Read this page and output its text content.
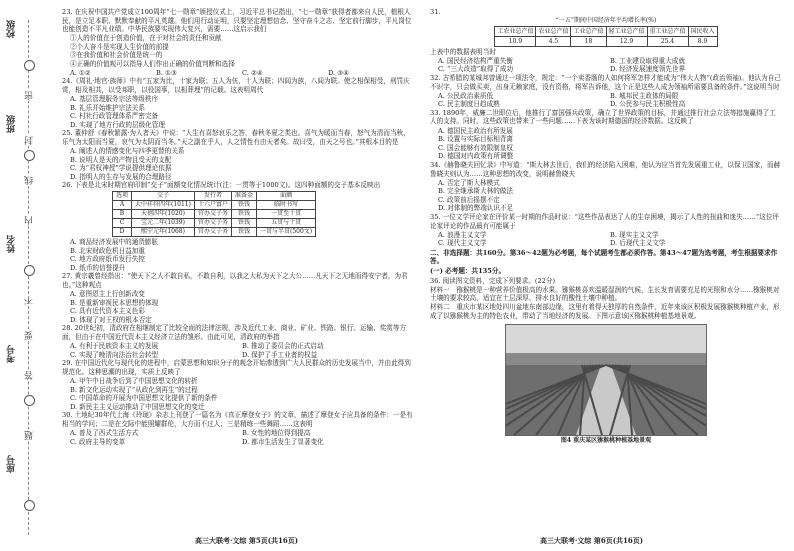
校级
班级
姓名
考号
座号
密
封
线
内
不
要
答
题
23. 在庆祝中国共产党成立100周年“七一勋章”颁授仪式上，习近平总书记指出，“七一勋章”获得者都来自人民，植根人民，是立足本职、默默奉献的平凡英雄。他们用行动证明，只要坚定理想信念、坚守奋斗之志、坚定前行脚步，平凡岗位也能创造不平凡业绩。中华民族要实现伟大复兴，需要……这启示我们
①人的价值在于创造价值，在于对社会的责任和贡献
②个人奋斗是实现人生价值的前提
③在我价值和社会价值是统一的
④正确的价值观可以指导人们作出正确的价值判断和选择
A. ①②	B. ①③	C. ②④	D. ③④
24.《周礼·地官·族师》中有“五家为比，十家为联；五人为伍，十人为联；四闾为族，八闾为联。使之相保相受，刑罚庆赏，相及相共，以受邦职，以役国事，以相葬埋”的记载。这表明周代
A. 基层管理服务宗法等级秩序
B. 礼乐开始维护宗法关系
C. 村社行政管理体系严密完备
D. 实现了地方行政的层级化管理
25. 董仲舒《春秋繁露·为人者天》中说：“人生有喜怒哀乐之答，春秋冬夏之类也。喜气为暖而当春，怒气为清而当秋，乐气为太阳而当夏，哀气为太阴而当冬。”天之副在乎人，人之情性有由天者矣。故曰受，由天之号也。”其根本目的是
A. 阐述人的情感变化与四季更替的关系
B. 说明人是天的产物且受天的支配
C. 为“君权神授”学说提供理论依据
D. 指明人的生存与发展的合理路径
26. 下表是北宋时期官府印制“交子”面额变化情况统计(注：一贯等于1000文)。这四种面额的交子基本反映出
选项	交子	发行者	准备金	面额
A	大中祥符四年(1011)	十六户富户	铁钱	临时书写
B	天禧四年(1020)	官办交子务	铁钱	一贯至十贯
C	宝元二年(1039)	官办交子务	铁钱	五贯与十贯
D	熙宁元年(1068)	官办交子务	铁钱	一贯与半贯(500文)
A. 商品经济发展中的通货膨胀
B. 北宋财政危机日益加重
C. 地方政府纸币发行失控
D. 纸币的信誉提升
27. 黄宗羲曾经指出：“使天下之人不敢自私，不敢自利，以我之大私为天下之大公……凡天下之无地而得安宁者，为君也。”这种观点
A. 意图恩主上行创新改变
B. 是重新审视民本思想的体现
C. 具有近代资本主义色彩
D. 体现了对王权的根本否定
28. 20世纪初，清政府在相继制定了比较全面的法律法规，涉及近代工业、商业、矿业、铁路、银行、运输、奖赏等方面，但由于在中国近代资本主义经济立法的雏形。由此可见，清政府的举措
A. 有利于民族资本主义的发展	B. 推动了委员会的正式启动
C. 实现了晚清向法治社会转型	D. 保护了手工业者的权益
29. 在中国近代化与现代化的进程中，启蒙思想和知识分子的观念开始渗透到广大人民群众的历史发展当中，并由此得到规范化。这种思潮的出现，实质上反映了
A. 甲午中日战争后到了中国思想文化的转折
B. 新文化运动实现了“从政化到再生”的过程
C. 中国革命的开展为中国思想文化提供了新的条件
D. 新民主主义运动推动了中国思想文化的变迁
30. 土地纪30年代上海《玲珑》杂志上刊登了一篇名为《真正摩登女子》的文章，描述了摩登女子应具备的条件：一是有相当的学问；二是在交际中能照耀群伦，大方而不过人；三是精练一些舞蹈……这表明
A. 普及了西式生活方式	B. 女性的地位得到提高
C. 政府主导的变革	D. 都市生活发生了显著变化
31.
“一五”期间中国经济年平均增长率(%)
工农业总产值	农业总产值	工业总产值	轻工业总产值	重工业总产值	国民收入
10.9	4.5	18	12.9	25.4	8.9
上表中的数据表明当时
A. 国民经济结构严重失衡	B. 工业建设取得重大成就
C. “三大改造”取得了成功	D. 经济发展速度领先世界
32. 古希腊的某城邦曾通过一项法令，规定：“一个卖香肠的人如何将军怎样才能成为“伟大人物”(政治领袖)。他认为自己不识字，只会做买卖，出身无赖家庭，没有资格，将军告诉他，这个正是这些人成为领袖所需要具备的条件。”这说明当时
A. 公民政治素质低	B. 城邦民主政体的局限
C. 民主制度日趋成熟	D. 公民参与民主积极性高
33. 1890年，威廉二世即位后，他推行了富国强兵政策，确立了世界政策的目标，并通过推行社会立法等措施赢得了工人的支持。同时，这些政策也带来了一些问题……下表为该时期德国的经济数据。这反映了
A. 德国民主政治有所发展
B. 设置与实际目标相背离
C. 国会能够有效限制皇权
D. 德国对内政策有所调整
34.《赫鲁晓夫回忆录》中写道：“斯大林去世后，我们的经济陷入困难，他认为应当首先发展重工业，以保卫国家，而赫鲁晓夫则认为……这种思想的改变，说明赫鲁晓夫
A. 否定了斯大林模式
B. 完全继承斯大林的做法
C. 政策前后摇摆不定
D. 对体制的弊端认识不足
35. 一位文学评论家在评价某一时期的作品时说：“这些作品表达了人的生存困境，揭示了人性的扭曲和迷失……”这位评论家评论的作品最有可能属于
A. 浪漫主义文学	B. 现实主义文学
C. 现代主义文学	D. 后现代主义文学
二、非选择题：共160分。第36～42题为必考题，每个试题考生都必须作答。第43～47题为选考题，考生根据要求作答。
(一) 必考题：共135分。
36. 阅读图文资料，完成下列要求。(22分)
材料一　猕猴桃是一种营养价值极高的水果。猕猴桃喜欢温暖湿润的气候，生长发育需要充足的光照和水分……猕猴桃对土壤的要求较高，适宜在土层深厚、排水良好的酸性土壤中种植。
材料二　重庆市某区地处四川盆地东南部边缘，这里有着得天独厚的自然条件，近年来该区积极发展猕猴桃种植产业，形成了以猕猴桃为主的特色农业，带动了当地经济的发展。下图示意该区猕猴桃种植基地景观。
图4 重庆某区猕猴桃种植基地景观
高三大联考·文综 第5页(共16页)	高三大联考·文综 第6页(共16页)
